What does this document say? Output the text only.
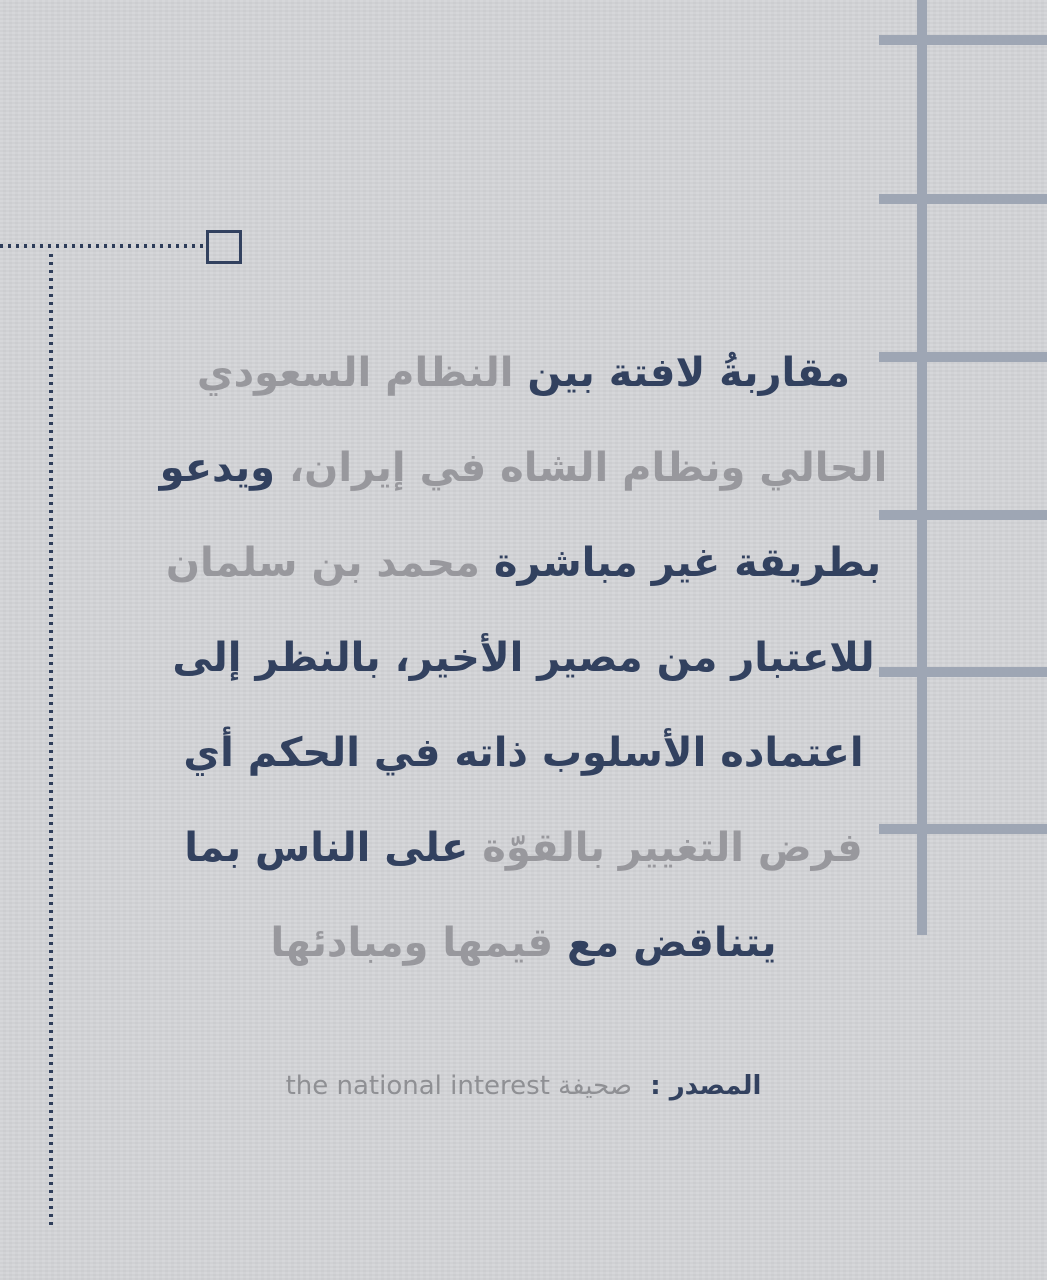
مقاربةُ لافتة بين النظام السعودي
الحالي ونظام الشاه في إيران، ويدعو
بطريقة غير مباشرة محمد بن سلمان
للاعتبار من مصير الأخير، بالنظر إلى
اعتماده الأسلوب ذاته في الحكم أي
فرض التغيير بالقوّة على الناس بما
يتناقض مع قيمها ومبادئها
المصدر : صحيفة the national interest
